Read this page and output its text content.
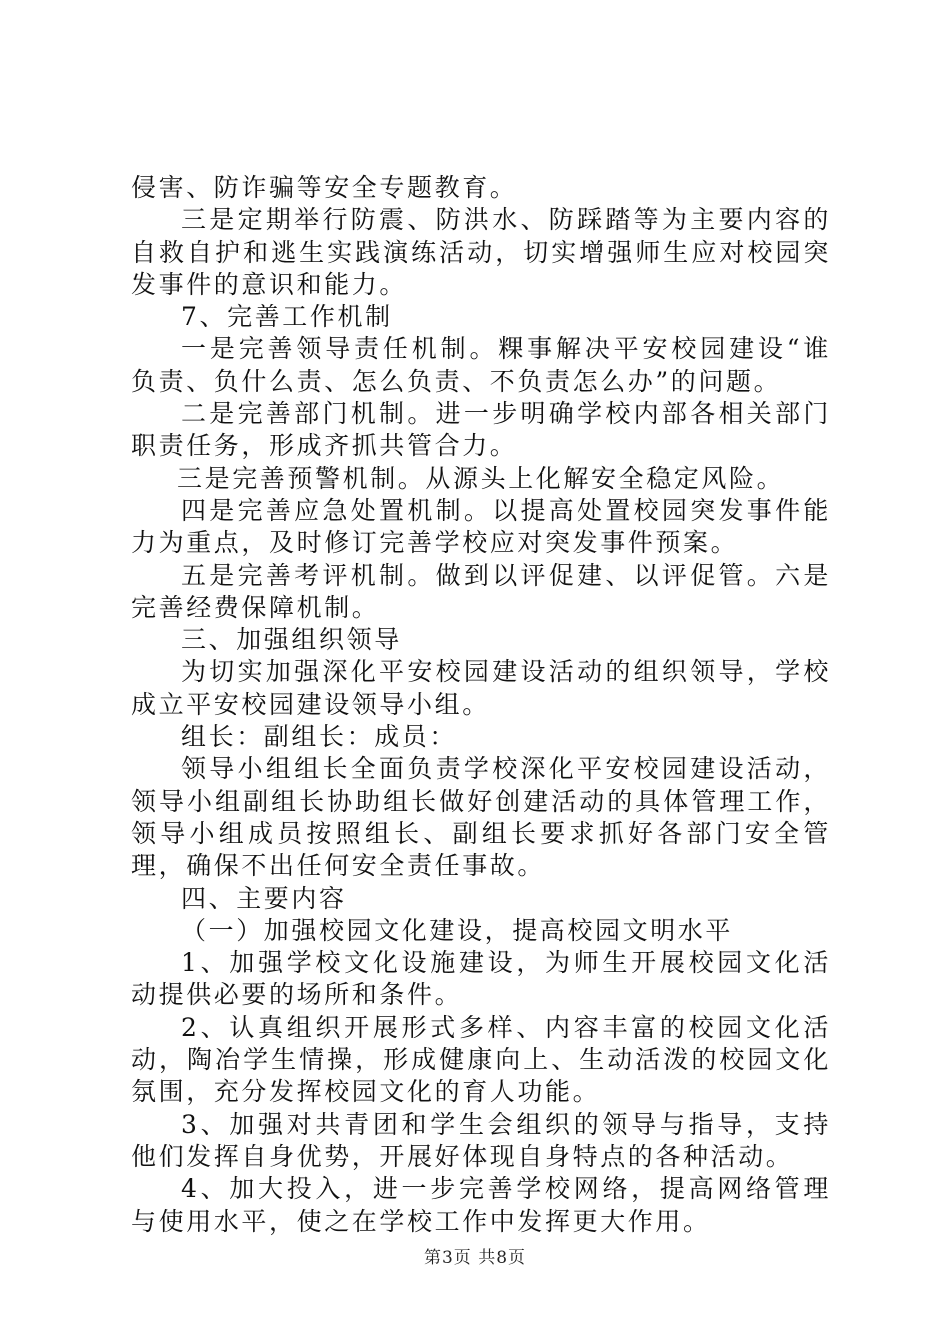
侵害、防诈骗等安全专题教育。

三是定期举行防震、防洪水、防踩踏等为主要内容的自救自护和逃生实践演练活动，切实增强师生应对校园突发事件的意识和能力。

7、完善工作机制

一是完善领导责任机制。粿事解决平安校园建设“谁负责、负什么责、怎么负责、不负责怎么办”的问题。

二是完善部门机制。进一步明确学校内部各相关部门职责任务，形成齐抓共管合力。

三是完善预警机制。从源头上化解安全稳定风险。

四是完善应急处置机制。以提高处置校园突发事件能力为重点，及时修订完善学校应对突发事件预案。

五是完善考评机制。做到以评促建、以评促管。六是完善经费保障机制。

三、加强组织领导

为切实加强深化平安校园建设活动的组织领导，学校成立平安校园建设领导小组。

组长：副组长：成员：

领导小组组长全面负责学校深化平安校园建设活动，领导小组副组长协助组长做好创建活动的具体管理工作，领导小组成员按照组长、副组长要求抓好各部门安全管理，确保不出任何安全责任事故。

四、主要内容

（一）加强校园文化建设，提高校园文明水平

1、加强学校文化设施建设，为师生开展校园文化活动提供必要的场所和条件。

2、认真组织开展形式多样、内容丰富的校园文化活动，陶冶学生情操，形成健康向上、生动活泼的校园文化氛围，充分发挥校园文化的育人功能。

3、加强对共青团和学生会组织的领导与指导，支持他们发挥自身优势，开展好体现自身特点的各种活动。

4、加大投入，进一步完善学校网络，提高网络管理与使用水平，使之在学校工作中发挥更大作用。

第3页 共8页
